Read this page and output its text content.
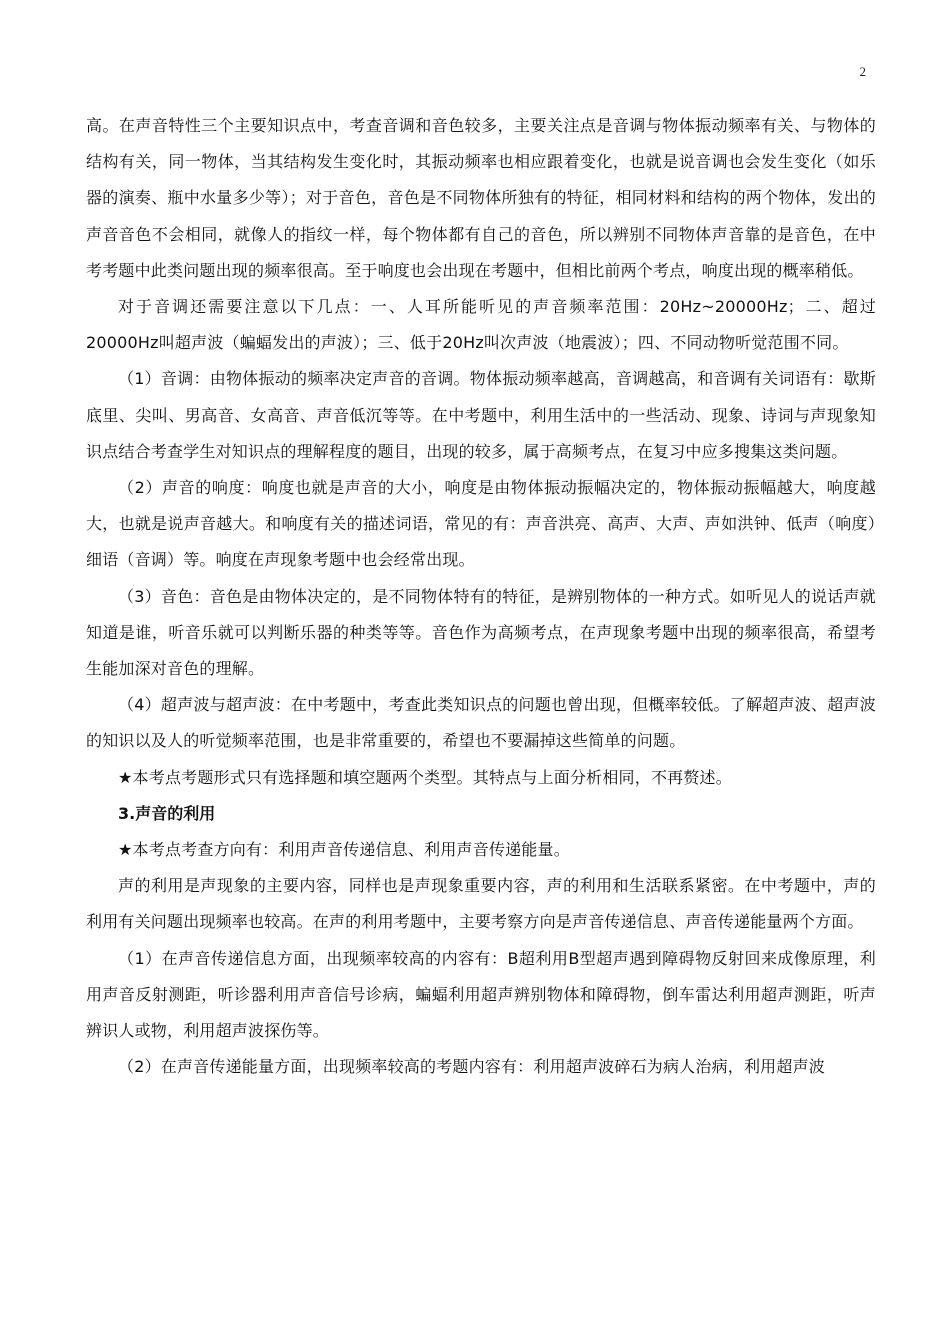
2

高。在声音特性三个主要知识点中，考查音调和音色较多，主要关注点是音调与物体振动频率有关、与物体的结构有关，同一物体，当其结构发生变化时，其振动频率也相应跟着变化，也就是说音调也会发生变化（如乐器的演奏、瓶中水量多少等）；对于音色，音色是不同物体所独有的特征，相同材料和结构的两个物体，发出的声音音色不会相同，就像人的指纹一样，每个物体都有自己的音色，所以辨别不同物体声音靠的是音色，在中考考题中此类问题出现的频率很高。至于响度也会出现在考题中，但相比前两个考点，响度出现的概率稍低。

对于音调还需要注意以下几点：一、人耳所能听见的声音频率范围：20Hz~20000Hz；二、超过20000Hz叫超声波（蝙蝠发出的声波）；三、低于20Hz叫次声波（地震波）；四、不同动物听觉范围不同。

（1）音调：由物体振动的频率决定声音的音调。物体振动频率越高，音调越高，和音调有关词语有：歇斯底里、尖叫、男高音、女高音、声音低沉等等。在中考题中，利用生活中的一些活动、现象、诗词与声现象知识点结合考查学生对知识点的理解程度的题目，出现的较多，属于高频考点，在复习中应多搜集这类问题。

（2）声音的响度：响度也就是声音的大小，响度是由物体振动振幅决定的，物体振动振幅越大，响度越大，也就是说声音越大。和响度有关的描述词语，常见的有：声音洪亮、高声、大声、声如洪钟、低声（响度）细语（音调）等。响度在声现象考题中也会经常出现。

（3）音色：音色是由物体决定的，是不同物体特有的特征，是辨别物体的一种方式。如听见人的说话声就知道是谁，听音乐就可以判断乐器的种类等等。音色作为高频考点，在声现象考题中出现的频率很高，希望考生能加深对音色的理解。

（4）超声波与超声波：在中考题中，考查此类知识点的问题也曾出现，但概率较低。了解超声波、超声波的知识以及人的听觉频率范围，也是非常重要的，希望也不要漏掉这些简单的问题。

★本考点考题形式只有选择题和填空题两个类型。其特点与上面分析相同，不再赘述。

3.声音的利用

★本考点考查方向有：利用声音传递信息、利用声音传递能量。

声的利用是声现象的主要内容，同样也是声现象重要内容，声的利用和生活联系紧密。在中考题中，声的利用有关问题出现频率也较高。在声的利用考题中，主要考察方向是声音传递信息、声音传递能量两个方面。

（1）在声音传递信息方面，出现频率较高的内容有：B超利用B型超声遇到障碍物反射回来成像原理，利用声音反射测距，听诊器利用声音信号诊病，蝙蝠利用超声辨别物体和障碍物，倒车雷达利用超声测距，听声辨识人或物，利用超声波探伤等。

（2）在声音传递能量方面，出现频率较高的考题内容有：利用超声波碎石为病人治病，利用超声波
